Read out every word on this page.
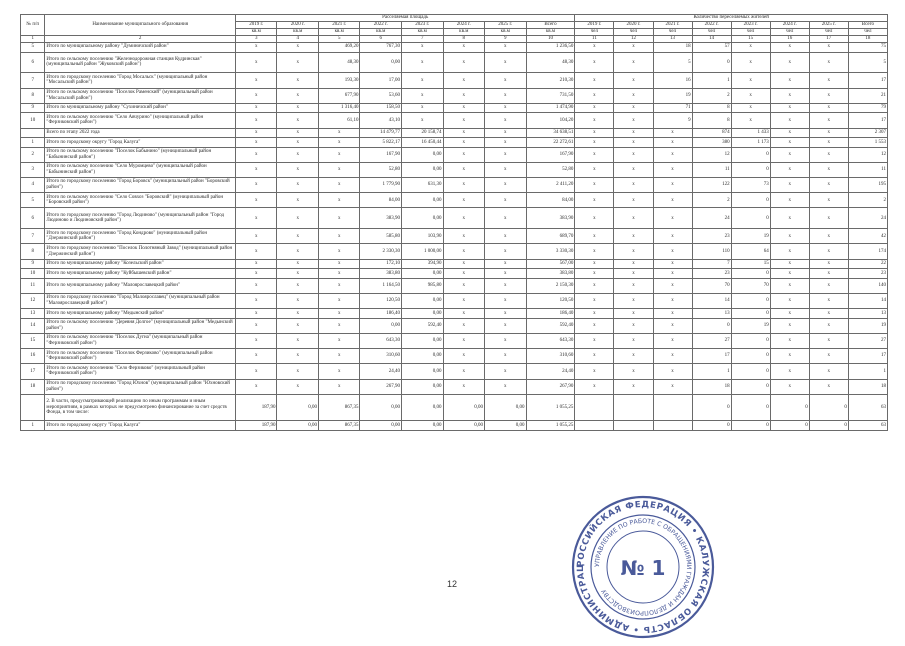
№ п/п	Наименование муниципального образования	Расселяемая площадь								Количество переселяемых жителей							
		2019 г.	2020 г.	2021 г.	2022 г.	2023 г.	2024 г.	2025 г.	Всего	2019 г.	2020 г.	2021 г.	2022 г.	2023 г.	2024 г.	2025 г.	Всего
		кв.м	кв.м	кв.м	кв.м	кв.м	кв.м	кв.м	кв.м	чел	чел	чел	чел	чел	чел	чел	чел
1	2	3	4	5	6	7	8	9	10	11	12	13	14	15	16	17	18
5	Итого по муниципальному району "Думиничский район"	x	x	469,20	767,30	x	x	x	1 236,50	x	x	18	57	x	x	x	75
6	Итого по сельскому поселению "Железнодорожная станция Кудринская" (муниципальный район "Жуковский район")	x	x	48,30	0,00	x	x	x	48,30	x	x	5	0	x	x	x	5
7	Итого по городскому поселению "Город Мосальск" (муниципальный район "Мосальский район")	x	x	193,30	17,00	x	x	x	210,30	x	x	16	1	x	x	x	17
8	Итого по сельскому поселению "Поселок Раменский" (муниципальный район "Мосальский район")	x	x	677,90	53,60	x	x	x	731,50	x	x	19	2	x	x	x	21
9	Итого по муниципальному району "Сухиничский район"	x	x	1 316,40	158,50	x	x	x	1 474,90	x	x	71	8	x	x	x	79
10	Итого по сельскому поселению "Село Авчурино" (муниципальный район "Ферзиковский район")	x	x	61,10	43,10	x	x	x	104,20	x	x	9	8	x	x	x	17
	Всего по этапу 2022 года	x	x	x	14 479,77	20 158,74	x	x	34 638,51	x	x	x	874	1 433	x	x	2 307
1	Итого по городскому округу "Город Калуга"	x	x	x	5 822,17	16 450,44	x	x	22 272,61	x	x	x	380	1 173	x	x	1 553
2	Итого по сельскому поселению "Поселок Бабынино" (муниципальный район "Бабынинский район")	x	x	x	167,90	0,00	x	x	167,90	x	x	x	12	0	x	x	12
3	Итого по сельскому поселению "Село Муромцево" (муниципальный район "Бабынинский район")	x	x	x	52,80	0,00	x	x	52,80	x	x	x	11	0	x	x	11
4	Итого по городскому поселению "Город Боровск" (муниципальный район "Боровский район")	x	x	x	1 779,90	631,30	x	x	2 411,20	x	x	x	122	73	x	x	195
5	Итого по сельскому поселению "Село Совхоз "Боровский" (муниципальный район "Боровский район")	x	x	x	84,00	0,00	x	x	84,00	x	x	x	2	0	x	x	2
6	Итого по городскому поселению "Город Людиново" (муниципальный район "Город Людиново и Людиновский район")	x	x	x	383,90	0,00	x	x	383,90	x	x	x	24	0	x	x	24
7	Итого по городскому поселению "Город Кондрово" (муниципальный район "Дзержинский район")	x	x	x	585,80	103,90	x	x	689,70	x	x	x	23	19	x	x	42
8	Итого по городскому поселению "Поселок Полотняный Завод" (муниципальный район "Дзержинский район")	x	x	x	2 330,30	1 000,00	x	x	3 330,30	x	x	x	110	64	x	x	174
9	Итого по муниципальному району "Козельский район"	x	x	x	172,10	394,90	x	x	567,00	x	x	x	7	15	x	x	22
10	Итого по муниципальному району "Куйбышевский район"	x	x	x	383,80	0,00	x	x	383,80	x	x	x	23	0	x	x	23
11	Итого по муниципальному району "Малоярославецкий район"	x	x	x	1 164,50	985,80	x	x	2 150,30	x	x	x	70	70	x	x	140
12	Итого по городскому поселению "Город Малоярославец" (муниципальный район "Малоярославецкий район")	x	x	x	120,50	0,00	x	x	120,50	x	x	x	14	0	x	x	14
13	Итого по муниципальному району "Медынский район"	x	x	x	186,40	0,00	x	x	186,40	x	x	x	13	0	x	x	13
14	Итого по сельскому поселению "Деревня Долгое" (муниципальный район "Медынский район")	x	x	x	0,00	592,40	x	x	592,40	x	x	x	0	19	x	x	19
15	Итого по сельскому поселению "Поселок Дугна" (муниципальный район "Ферзиковский район")	x	x	x	643,30	0,00	x	x	643,30	x	x	x	27	0	x	x	27
16	Итого по сельскому поселению "Поселок Ферзиково" (муниципальный район "Ферзиковский район")	x	x	x	310,60	0,00	x	x	310,60	x	x	x	17	0	x	x	17
17	Итого по сельскому поселению "Село Ферзиково" (муниципальный район "Ферзиковский район")	x	x	x	24,40	0,00	x	x	24,40	x	x	x	1	0	x	x	1
18	Итого по городскому поселению "Город Юхнов" (муниципальный район "Юхновский район")	x	x	x	267,90	0,00	x	x	267,90	x	x	x	18	0	x	x	18
	2. В части, предусматривающей реализацию по иным программам и иным мероприятиям, в рамках которых не предусмотрено финансирование за счет средств Фонда, в том числе:	187,90	0,00	867,35	0,00	0,00	0,00	0,00	1 055,25				0	0	0	0	63
1	Итого по городскому округу "Город Калуга"	187,90	0,00	867,35	0,00	0,00	0,00	0,00	1 055,25				0	0	0	0	63
12
РОССИЙСКАЯ ФЕДЕРАЦИЯ • КАЛУЖСКАЯ ОБЛАСТЬ • АДМИНИСТРАЦ	УПРАВЛЕНИЕ ПО РАБОТЕ С ОБРАЩЕНИЯМИ ГРАЖДАН И ДЕЛОПРОИЗВОДСТВУ
№ 1
